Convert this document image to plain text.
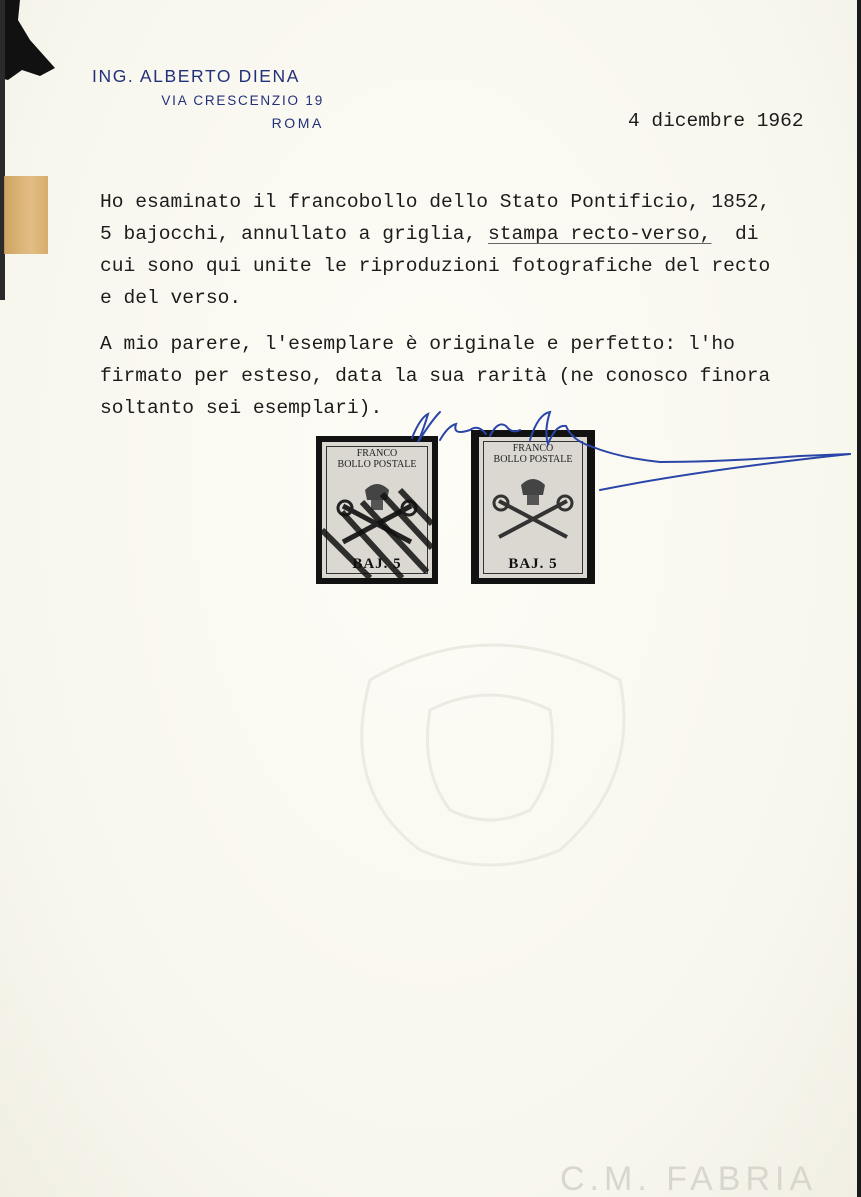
ING. ALBERTO DIENA
VIA CRESCENZIO 19
ROMA	4 dicembre 1962
Ho esaminato il francobollo dello Stato Pontificio, 1852,
5 bajocchi, annullato a griglia, stampa recto-verso,  di
cui sono qui unite le riproduzioni fotografiche del recto
e del verso.
A mio parere, l'esemplare è originale e perfetto: l'ho
firmato per esteso, data la sua rarità (ne conosco finora
soltanto sei esemplari).
FRANCO
BOLLO POSTALE
BAJ. 5
FRANCO
BOLLO POSTALE
BAJ. 5
C.M. FABRIA
